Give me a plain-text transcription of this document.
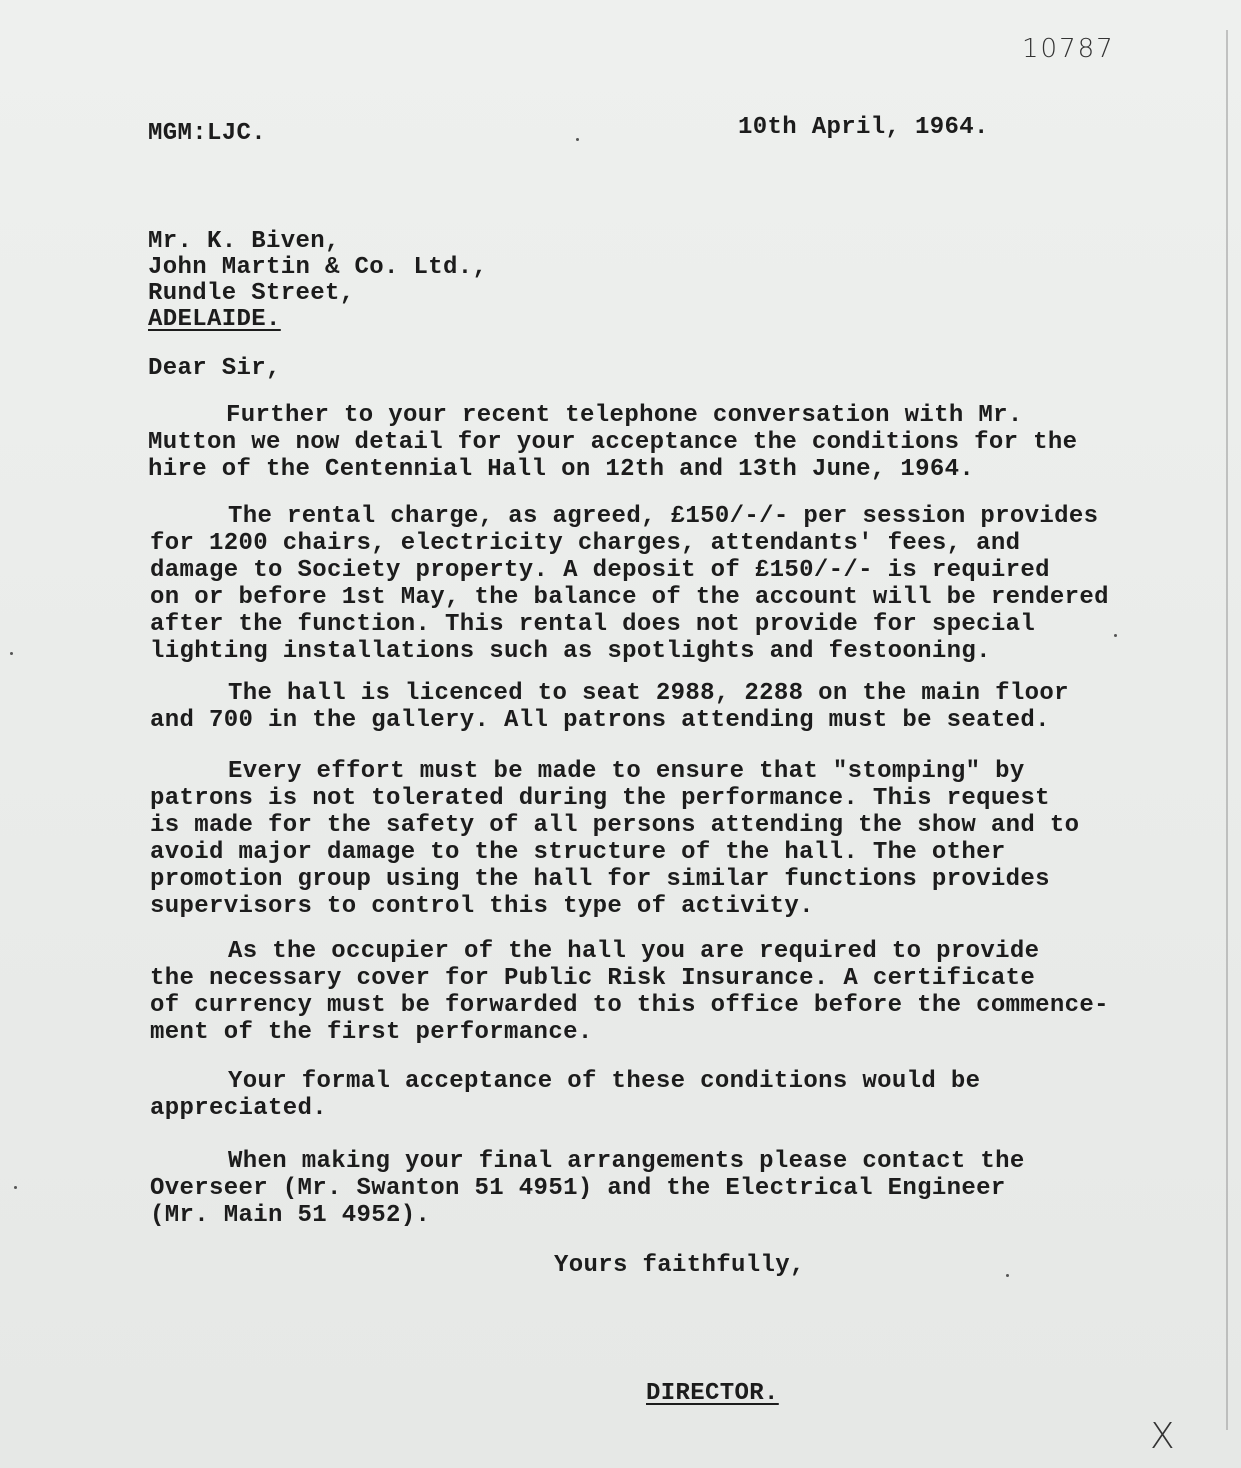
10787
MGM:LJC.	10th April, 1964.
Mr. K. Biven,
John Martin & Co. Ltd.,
Rundle Street,
ADELAIDE.
Dear Sir,
Further to your recent telephone conversation with Mr.
Mutton we now detail for your acceptance the conditions for the
hire of the Centennial Hall on 12th and 13th June, 1964.
The rental charge, as agreed, £150/-/- per session provides
for 1200 chairs, electricity charges, attendants' fees, and
damage to Society property. A deposit of £150/-/- is required
on or before 1st May, the balance of the account will be rendered
after the function. This rental does not provide for special
lighting installations such as spotlights and festooning.
The hall is licenced to seat 2988, 2288 on the main floor
and 700 in the gallery. All patrons attending must be seated.
Every effort must be made to ensure that "stomping" by
patrons is not tolerated during the performance. This request
is made for the safety of all persons attending the show and to
avoid major damage to the structure of the hall. The other
promotion group using the hall for similar functions provides
supervisors to control this type of activity.
As the occupier of the hall you are required to provide
the necessary cover for Public Risk Insurance. A certificate
of currency must be forwarded to this office before the commence-
ment of the first performance.
Your formal acceptance of these conditions would be
appreciated.
When making your final arrangements please contact the
Overseer (Mr. Swanton 51 4951) and the Electrical Engineer
(Mr. Main 51 4952).
Yours faithfully,
DIRECTOR.
X
